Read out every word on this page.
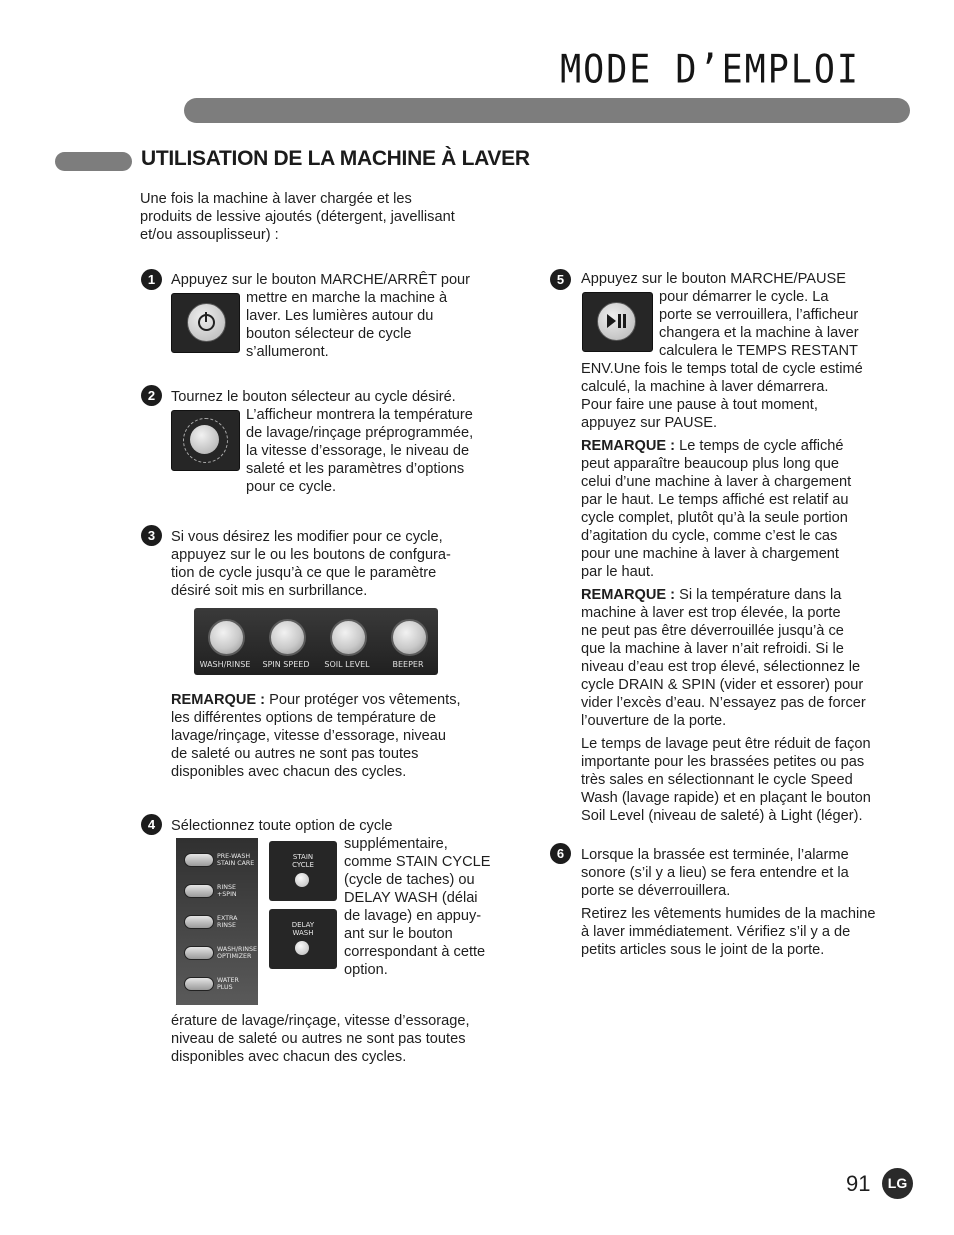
MODE D’EMPLOI
UTILISATION DE LA MACHINE À LAVER
Une fois la machine à laver chargée et les
produits de lessive ajoutés (détergent, javellisant
et/ou assouplisseur) :
1	Appuyez sur le bouton MARCHE/ARRÊT pour
mettre en marche la machine à
laver. Les lumières autour du
bouton sélecteur de cycle
s’allumeront.
2	Tournez le bouton sélecteur au cycle désiré.
L’afficheur montrera la température
de lavage/rinçage préprogrammée,
la vitesse d’essorage, le niveau de
saleté et les paramètres d’options
pour ce cycle.
3	Si vous désirez les modifier pour ce cycle,
appuyez sur le ou les boutons de confgura-
tion de cycle jusqu’à ce que le paramètre
désiré soit mis en surbrillance.
WASH/RINSE	SPIN SPEED	SOIL LEVEL	BEEPER
REMARQUE : Pour protéger vos vêtements,
les différentes options de température de
lavage/rinçage, vitesse d’essorage, niveau
de saleté ou autres ne sont pas toutes
disponibles avec chacun des cycles.
4	Sélectionnez toute option de cycle
PRE-WASH
STAIN CARE
RINSE
+SPIN
EXTRA
RINSE
WASH/RINSE
OPTIMIZER
WATER
PLUS
STAIN
CYCLE
DELAY
WASH
supplémentaire,
comme STAIN CYCLE
(cycle de taches) ou
DELAY WASH (délai
de lavage) en appuy-
ant sur le bouton
correspondant à cette
option.
érature de lavage/rinçage, vitesse d’essorage,
niveau de saleté ou autres ne sont pas toutes
disponibles avec chacun des cycles.
5	Appuyez sur le bouton MARCHE/PAUSE
pour démarrer le cycle. La
porte se verrouillera, l’afficheur
changera et la machine à laver
calculera le TEMPS RESTANT
ENV.Une fois le temps total de cycle estimé
calculé, la machine à laver démarrera.
Pour faire une pause à tout moment,
appuyez sur PAUSE.
REMARQUE : Le temps de cycle affiché
peut apparaître beaucoup plus long que
celui d’une machine à laver à chargement
par le haut. Le temps affiché est relatif au
cycle complet, plutôt qu’à la seule portion
d’agitation du cycle, comme c’est le cas
pour une machine à laver à chargement
par le haut.
REMARQUE : Si la température dans la
machine à laver est trop élevée, la porte
ne peut pas être déverrouillée jusqu’à ce
que la machine à laver n’ait refroidi. Si le
niveau d’eau est trop élevé, sélectionnez le
cycle DRAIN & SPIN (vider et essorer) pour
vider l’excès d’eau. N’essayez pas de forcer
l’ouverture de la porte.
Le temps de lavage peut être réduit de façon
importante pour les brassées petites ou pas
très sales en sélectionnant le cycle Speed
Wash (lavage rapide) et en plaçant le bouton
Soil Level (niveau de saleté) à Light (léger).
6	Lorsque la brassée est terminée, l’alarme
sonore (s’il y a lieu) se fera entendre et la
porte se déverrouillera.
Retirez les vêtements humides de la machine
à laver immédiatement. Vérifiez s’il y a de
petits articles sous le joint de la porte.
91	LG
